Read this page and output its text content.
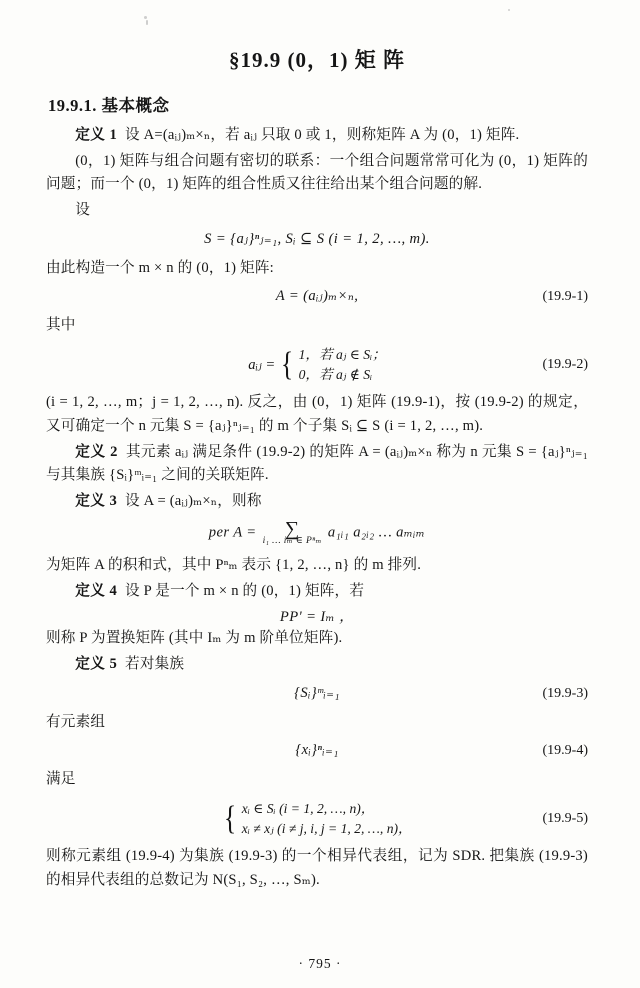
§19.9 (0，1) 矩 阵
19.9.1. 基本概念

定义 1 设 A=(aᵢⱼ)ₘ×ₙ，若 aᵢⱼ 只取 0 或 1，则称矩阵 A 为 (0，1) 矩阵.

(0，1) 矩阵与组合问题有密切的联系：一个组合问题常常可化为 (0，1) 矩阵的问题；而一个 (0，1) 矩阵的组合性质又往往给出某个组合问题的解.

设

S = {aⱼ}ⁿⱼ₌₁, Sᵢ ⊆ S (i = 1, 2, …, m).

由此构造一个 m × n 的 (0，1) 矩阵:

A = (aᵢⱼ)ₘ×ₙ,	(19.9-1)

其中

aᵢⱼ = { 1，若 aⱼ ∈ Sᵢ；
0，若 aⱼ ∉ Sᵢ
(19.9-2)

(i = 1, 2, …, m；j = 1, 2, …, n). 反之，由 (0，1) 矩阵 (19.9-1)，按 (19.9-2) 的规定，又可确定一个 n 元集 S = {aⱼ}ⁿⱼ₌₁ 的 m 个子集 Sᵢ ⊆ S (i = 1, 2, …, m).

定义 2 其元素 aᵢⱼ 满足条件 (19.9-2) 的矩阵 A = (aᵢⱼ)ₘ×ₙ 称为 n 元集 S = {aⱼ}ⁿⱼ₌₁ 与其集族 {Sᵢ}ᵐᵢ₌₁ 之间的关联矩阵.

定义 3 设 A = (aᵢⱼ)ₘ×ₙ，则称

per A = ∑
i₁ … iₘ ∈ Pⁿₘ
a₁ᵢ₁ a₂ᵢ₂ … aₘᵢₘ

为矩阵 A 的积和式，其中 Pⁿₘ 表示 {1, 2, …, n} 的 m 排列.

定义 4 设 P 是一个 m × n 的 (0，1) 矩阵，若

PP' = Iₘ ，

则称 P 为置换矩阵 (其中 Iₘ 为 m 阶单位矩阵).

定义 5 若对集族

{Sᵢ}ᵐᵢ₌₁	(19.9-3)

有元素组

{xᵢ}ⁿᵢ₌₁	(19.9-4)

满足

{ xᵢ ∈ Sᵢ (i = 1, 2, …, n)，
xᵢ ≠ xⱼ (i ≠ j, i, j = 1, 2, …, n)，
(19.9-5)

则称元素组 (19.9-4) 为集族 (19.9-3) 的一个相异代表组，记为 SDR. 把集族 (19.9-3) 的相异代表组的总数记为 N(S₁, S₂, …, Sₘ).

· 795 ·
